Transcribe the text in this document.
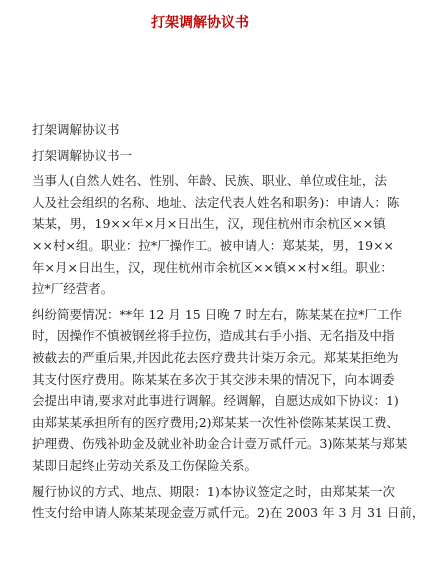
打架调解协议书

打架调解协议书

打架调解协议书一

当事人(自然人姓名、性别、年龄、民族、职业、单位或住址，法
人及社会组织的名称、地址、法定代表人姓名和职务)：申请人：陈
某某，男，19××年×月×日出生，汉，现住杭州市余杭区××镇
××村×组。职业：拉*厂操作工。被申请人：郑某某，男，19××
年×月×日出生，汉，现住杭州市余杭区××镇××村×组。职业：
拉*厂经营者。
纠纷简要情况：**年 12 月 15 日晚 7 时左右，陈某某在拉*厂工作
时，因操作不慎被钢丝将手拉伤，造成其右手小指、无名指及中指
被截去的严重后果,并因此花去医疗费共计柒万余元。郑某某拒绝为
其支付医疗费用。陈某某在多次于其交涉未果的情况下，向本调委
会提出申请,要求对此事进行调解。经调解，自愿达成如下协议：1)
由郑某某承担所有的医疗费用;2)郑某某一次性补偿陈某某误工费、
护理费、伤残补助金及就业补助金合计壹万贰仟元。3)陈某某与郑某
某即日起终止劳动关系及工伤保险关系。
履行协议的方式、地点、期限：1)本协议签定之时，由郑某某一次
性支付给申请人陈某某现金壹万贰仟元。2)在 2003 年 3 月 31 日前，
